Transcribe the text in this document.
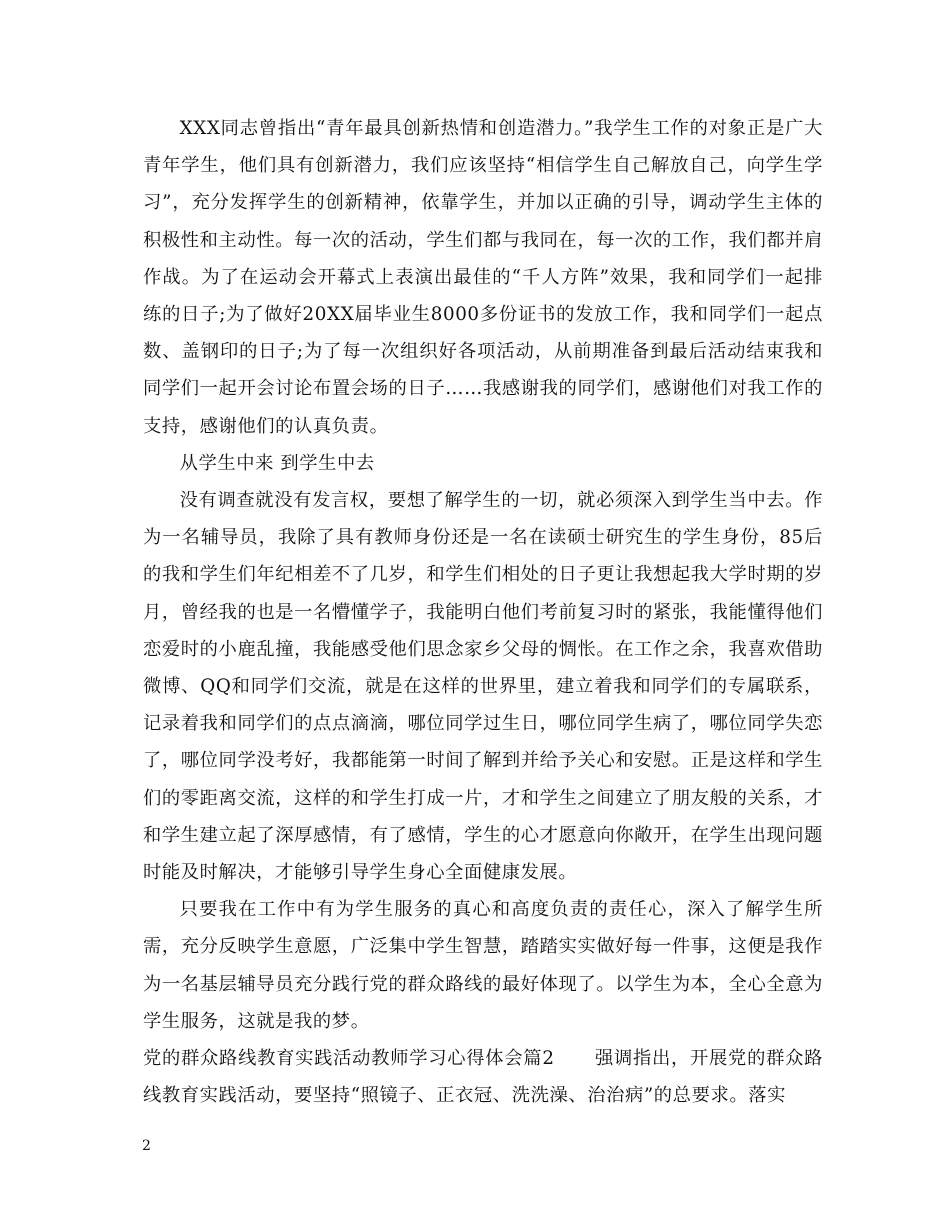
XXX同志曾指出“青年最具创新热情和创造潜力。”我学生工作的对象正是广大青年学生，他们具有创新潜力，我们应该坚持“相信学生自己解放自己，向学生学习”，充分发挥学生的创新精神，依靠学生，并加以正确的引导，调动学生主体的积极性和主动性。每一次的活动，学生们都与我同在，每一次的工作，我们都并肩作战。为了在运动会开幕式上表演出最佳的“千人方阵”效果，我和同学们一起排练的日子;为了做好20XX届毕业生8000多份证书的发放工作，我和同学们一起点数、盖钢印的日子;为了每一次组织好各项活动，从前期准备到最后活动结束我和同学们一起开会讨论布置会场的日子……我感谢我的同学们，感谢他们对我工作的支持，感谢他们的认真负责。

从学生中来 到学生中去

没有调查就没有发言权，要想了解学生的一切，就必须深入到学生当中去。作为一名辅导员，我除了具有教师身份还是一名在读硕士研究生的学生身份，85后的我和学生们年纪相差不了几岁，和学生们相处的日子更让我想起我大学时期的岁月，曾经我的也是一名懵懂学子，我能明白他们考前复习时的紧张，我能懂得他们恋爱时的小鹿乱撞，我能感受他们思念家乡父母的惆怅。在工作之余，我喜欢借助微博、QQ和同学们交流，就是在这样的世界里，建立着我和同学们的专属联系，记录着我和同学们的点点滴滴，哪位同学过生日，哪位同学生病了，哪位同学失恋了，哪位同学没考好，我都能第一时间了解到并给予关心和安慰。正是这样和学生们的零距离交流，这样的和学生打成一片，才和学生之间建立了朋友般的关系，才和学生建立起了深厚感情，有了感情，学生的心才愿意向你敞开，在学生出现问题时能及时解决，才能够引导学生身心全面健康发展。

只要我在工作中有为学生服务的真心和高度负责的责任心，深入了解学生所需，充分反映学生意愿，广泛集中学生智慧，踏踏实实做好每一件事，这便是我作为一名基层辅导员充分践行党的群众路线的最好体现了。以学生为本，全心全意为学生服务，这就是我的梦。

党的群众路线教育实践活动教师学习心得体会篇2 强调指出，开展党的群众路线教育实践活动，要坚持“照镜子、正衣冠、洗洗澡、治治病”的总要求。落实

2
